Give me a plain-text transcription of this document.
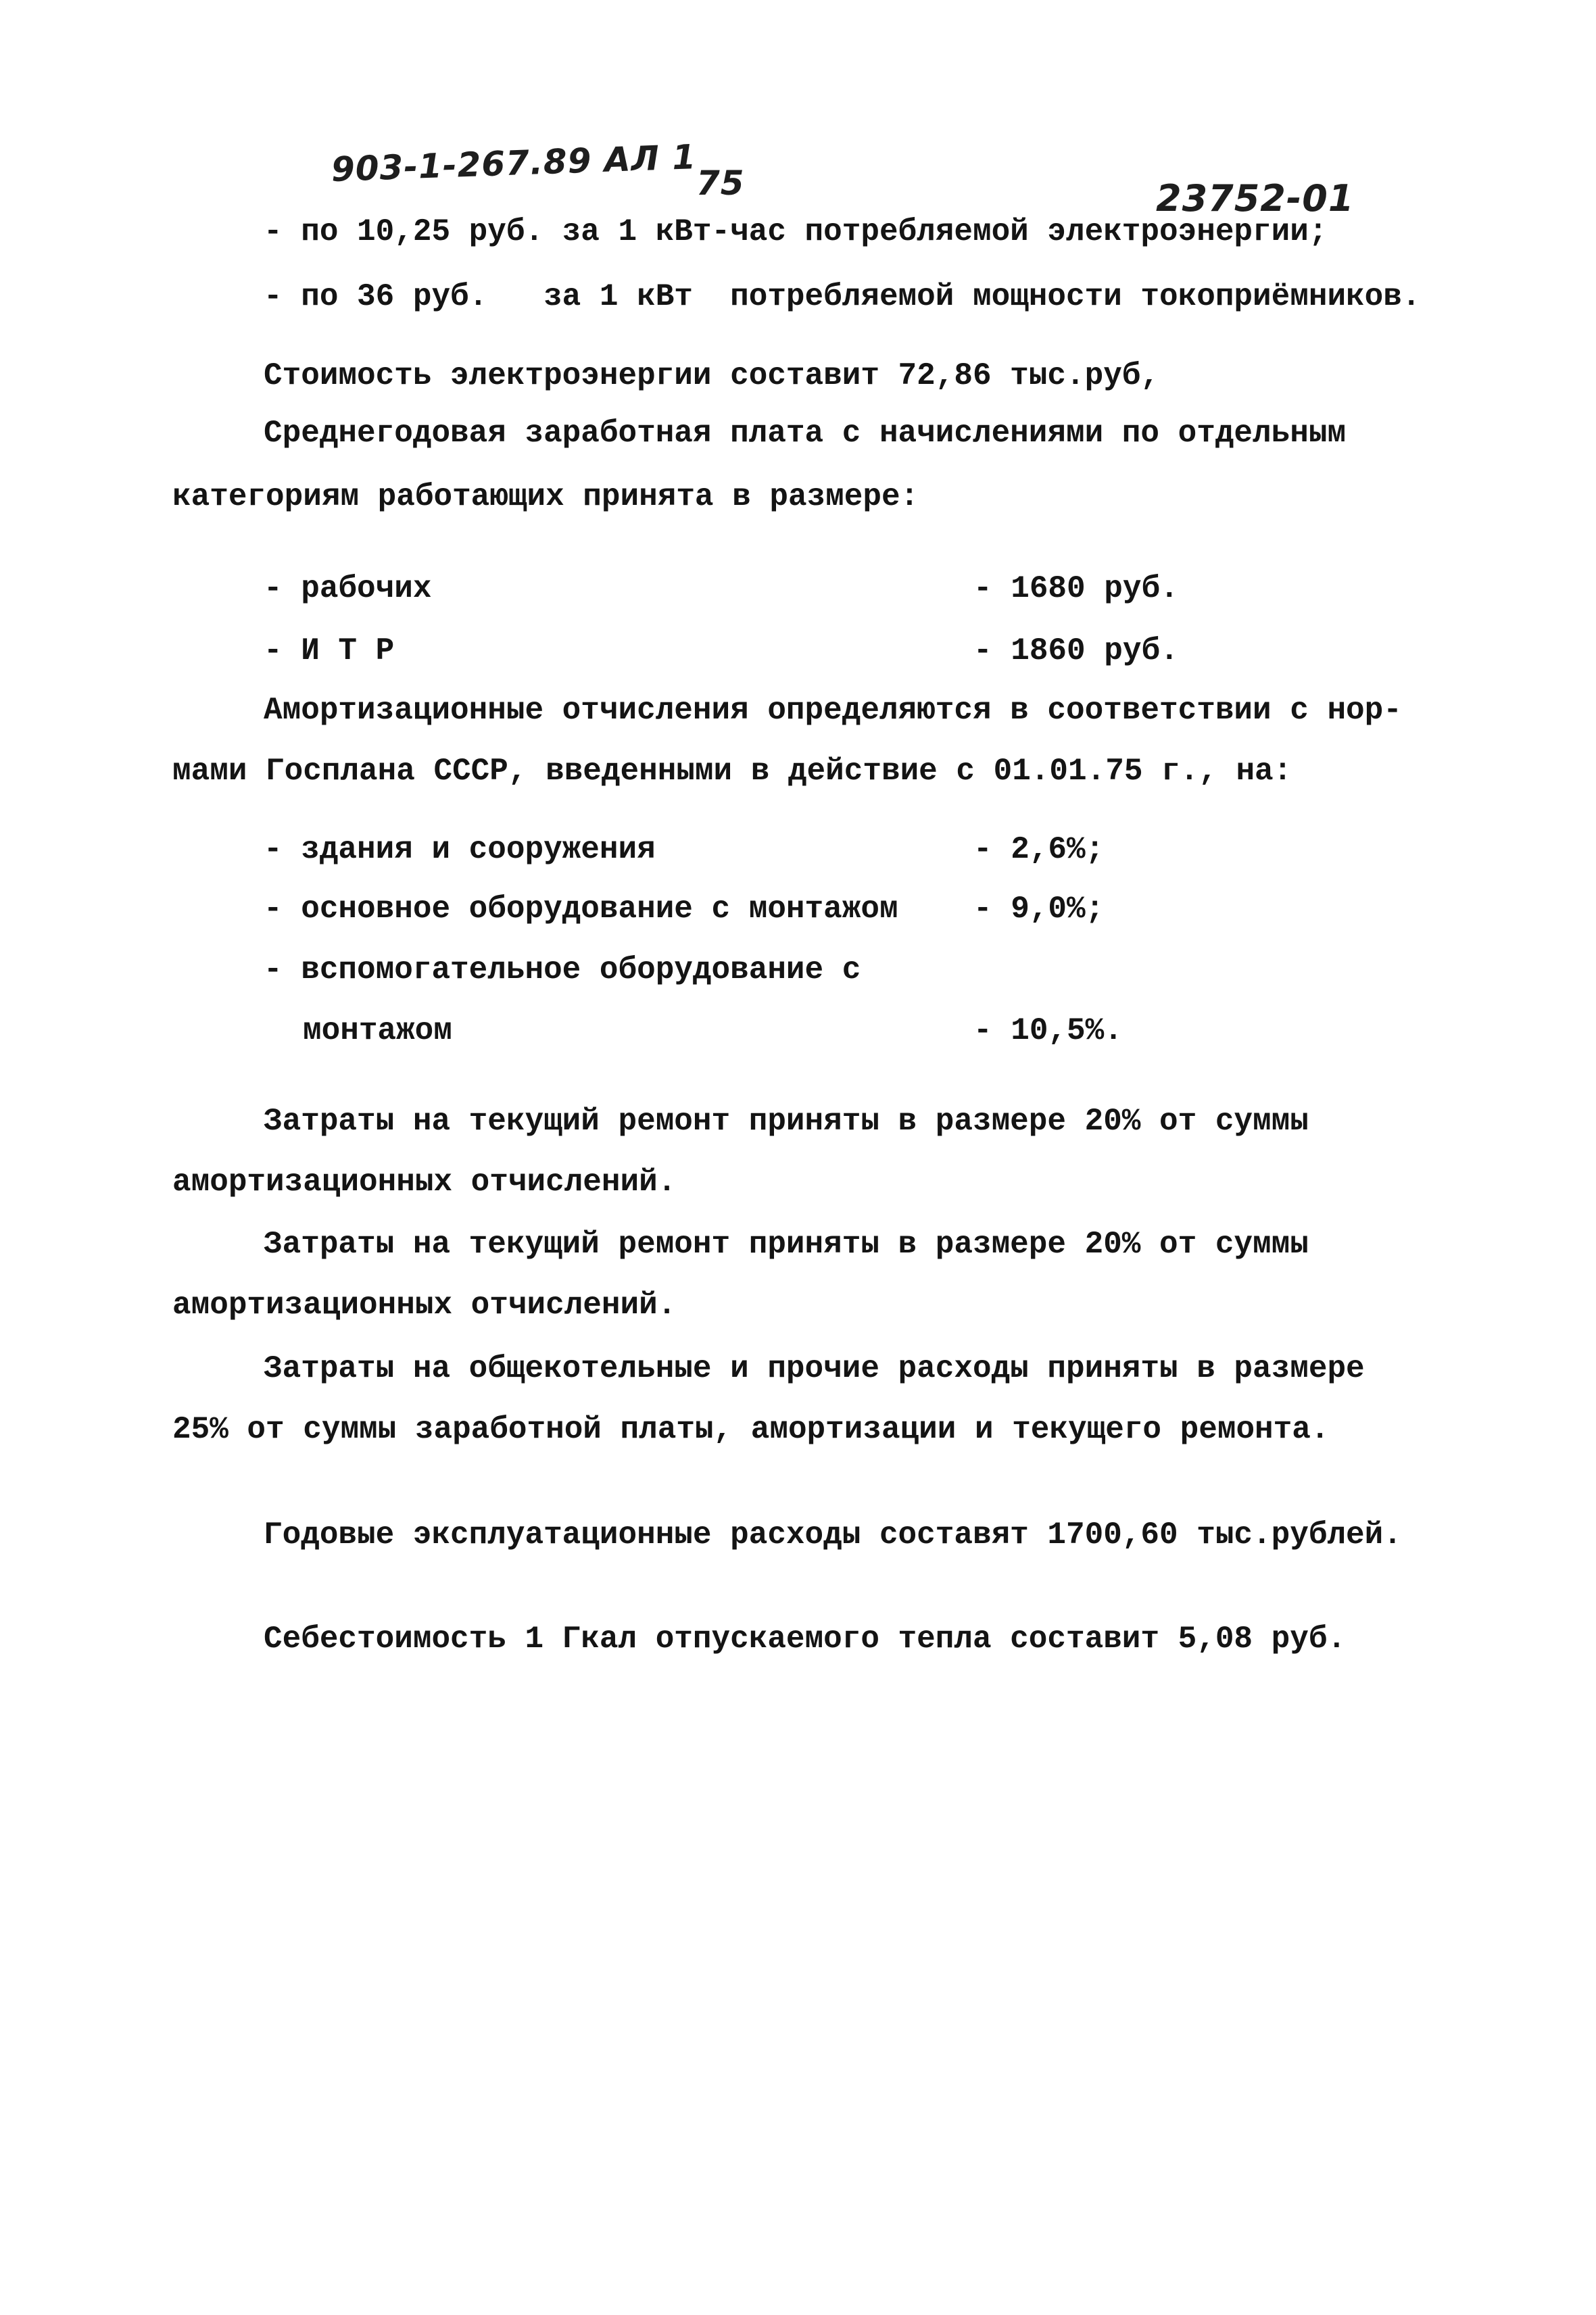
903-1-267.89 АЛ 1
75	23752-01
- по 10,25 руб. за 1 кВт-час потребляемой электроэнергии;
- по 36 руб.   за 1 кВт  потребляемой мощности токоприёмников.
Стоимость электроэнергии составит 72,86 тыс.руб,
Среднегодовая заработная плата с начислениями по отдельным
категориям работающих принята в размере:
- рабочих	- 1680 руб.
- И Т Р	- 1860 руб.
Амортизационные отчисления определяются в соответствии с нор-
мами Госплана СССР, введенными в действие с 01.01.75 г., на:
- здания и сооружения	- 2,6%;
- основное оборудование с монтажом - 9,0%;
- вспомогательное оборудование с
монтажом	- 10,5%.
Затраты на текущий ремонт приняты в размере 20% от суммы
амортизационных отчислений.
Затраты на текущий ремонт приняты в размере 20% от суммы
амортизационных отчислений.
Затраты на общекотельные и прочие расходы приняты в размере
25% от суммы заработной платы, амортизации и текущего ремонта.
Годовые эксплуатационные расходы составят 1700,60 тыс.рублей.
Себестоимость 1 Гкал отпускаемого тепла составит 5,08 руб.
